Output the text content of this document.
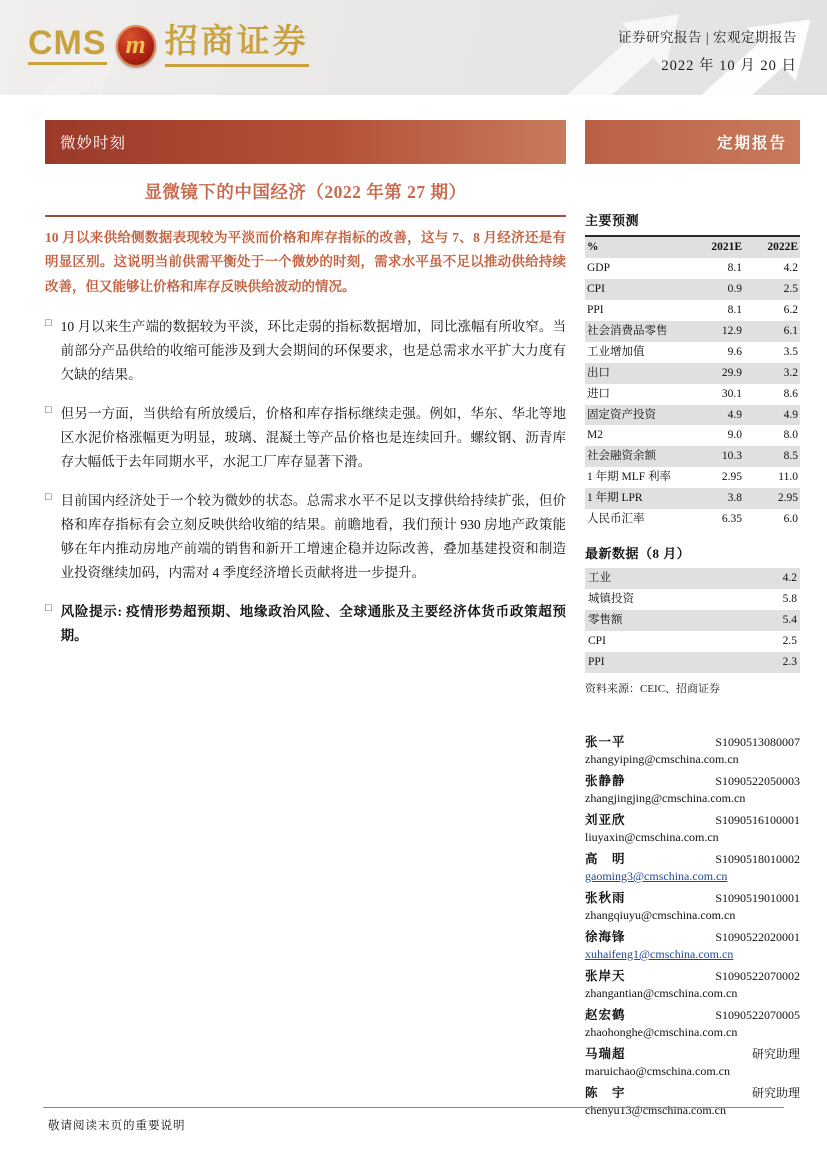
CMS m 招商证券	证券研究报告 | 宏观定期报告
2022 年 10 月 20 日
微妙时刻
显微镜下的中国经济（2022 年第 27 期）
10 月以来供给侧数据表现较为平淡而价格和库存指标的改善，这与 7、8 月经济还是有明显区别。这说明当前供需平衡处于一个微妙的时刻，需求水平虽不足以推动供给持续改善，但又能够让价格和库存反映供给波动的情况。
□ 10 月以来生产端的数据较为平淡，环比走弱的指标数据增加，同比涨幅有所收窄。当前部分产品供给的收缩可能涉及到大会期间的环保要求，也是总需求水平扩大力度有欠缺的结果。
□ 但另一方面，当供给有所放缓后，价格和库存指标继续走强。例如，华东、华北等地区水泥价格涨幅更为明显，玻璃、混凝土等产品价格也是连续回升。螺纹钢、沥青库存大幅低于去年同期水平，水泥工厂库存显著下滑。
□ 目前国内经济处于一个较为微妙的状态。总需求水平不足以支撑供给持续扩张，但价格和库存指标有会立刻反映供给收缩的结果。前瞻地看，我们预计 930 房地产政策能够在年内推动房地产前端的销售和新开工增速企稳并边际改善，叠加基建投资和制造业投资继续加码，内需对 4 季度经济增长贡献将进一步提升。
□ 风险提示: 疫情形势超预期、地缘政治风险、全球通胀及主要经济体货币政策超预期。
定期报告
主要预测
%	2021E	2022E
GDP	8.1	4.2
CPI	0.9	2.5
PPI	8.1	6.2
社会消费品零售	12.9	6.1
工业增加值	9.6	3.5
出口	29.9	3.2
进口	30.1	8.6
固定资产投资	4.9	4.9
M2	9.0	8.0
社会融资余额	10.3	8.5
1 年期 MLF 利率	2.95	11.0
1 年期 LPR	3.8	2.95
人民币汇率	6.35	6.0
最新数据（8 月）
工业	4.2
城镇投资	5.8
零售额	5.4
CPI	2.5
PPI	2.3
资料来源：CEIC、招商证券
张一平	S1090513080007
zhangyiping@cmschina.com.cn
张静静	S1090522050003
zhangjingjing@cmschina.com.cn
刘亚欣	S1090516100001
liuyaxin@cmschina.com.cn
高　明	S1090518010002
gaoming3@cmschina.com.cn
张秋雨	S1090519010001
zhangqiuyu@cmschina.com.cn
徐海锋	S1090522020001
xuhaifeng1@cmschina.com.cn
张岸天	S1090522070002
zhangantian@cmschina.com.cn
赵宏鹤	S1090522070005
zhaohonghe@cmschina.com.cn
马瑞超	研究助理
maruichao@cmschina.com.cn
陈　宇	研究助理
chenyu13@cmschina.com.cn
敬请阅读末页的重要说明
